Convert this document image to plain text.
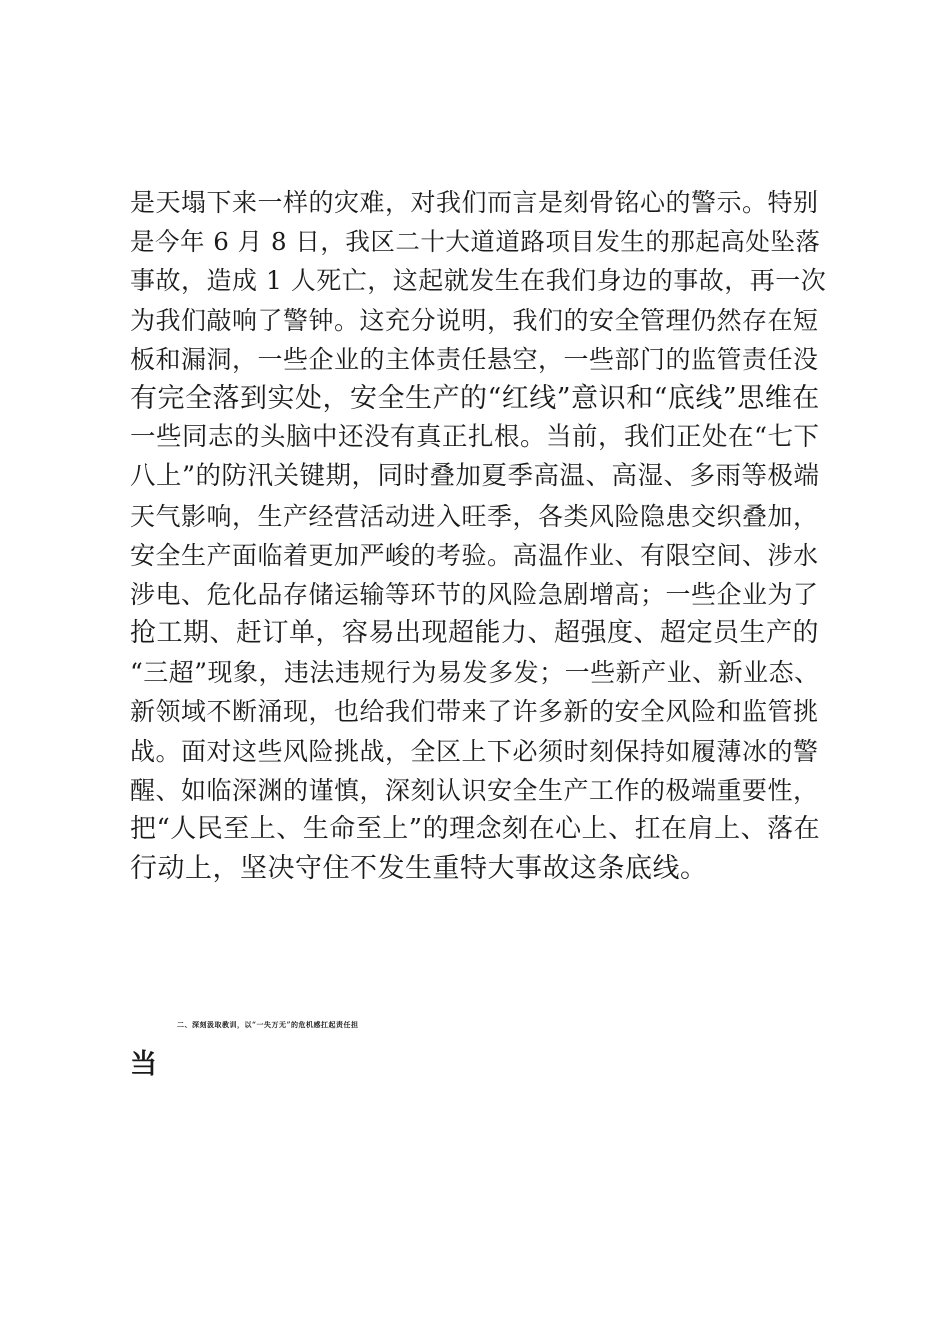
是天塌下来一样的灾难，对我们而言是刻骨铭心的警示。特别
是今年 6 月 8 日，我区二十大道道路项目发生的那起高处坠落
事故，造成 1 人死亡，这起就发生在我们身边的事故，再一次
为我们敲响了警钟。这充分说明，我们的安全管理仍然存在短
板和漏洞，一些企业的主体责任悬空，一些部门的监管责任没
有完全落到实处，安全生产的“红线”意识和“底线”思维在
一些同志的头脑中还没有真正扎根。当前，我们正处在“七下
八上”的防汛关键期，同时叠加夏季高温、高湿、多雨等极端
天气影响，生产经营活动进入旺季，各类风险隐患交织叠加，
安全生产面临着更加严峻的考验。高温作业、有限空间、涉水
涉电、危化品存储运输等环节的风险急剧增高；一些企业为了
抢工期、赶订单，容易出现超能力、超强度、超定员生产的
“三超”现象，违法违规行为易发多发；一些新产业、新业态、
新领域不断涌现，也给我们带来了许多新的安全风险和监管挑
战。面对这些风险挑战，全区上下必须时刻保持如履薄冰的警
醒、如临深渊的谨慎，深刻认识安全生产工作的极端重要性，
把“人民至上、生命至上”的理念刻在心上、扛在肩上、落在
行动上，坚决守住不发生重特大事故这条底线。
二、深刻汲取教训，以“一失万无”的危机感扛起责任担
当
